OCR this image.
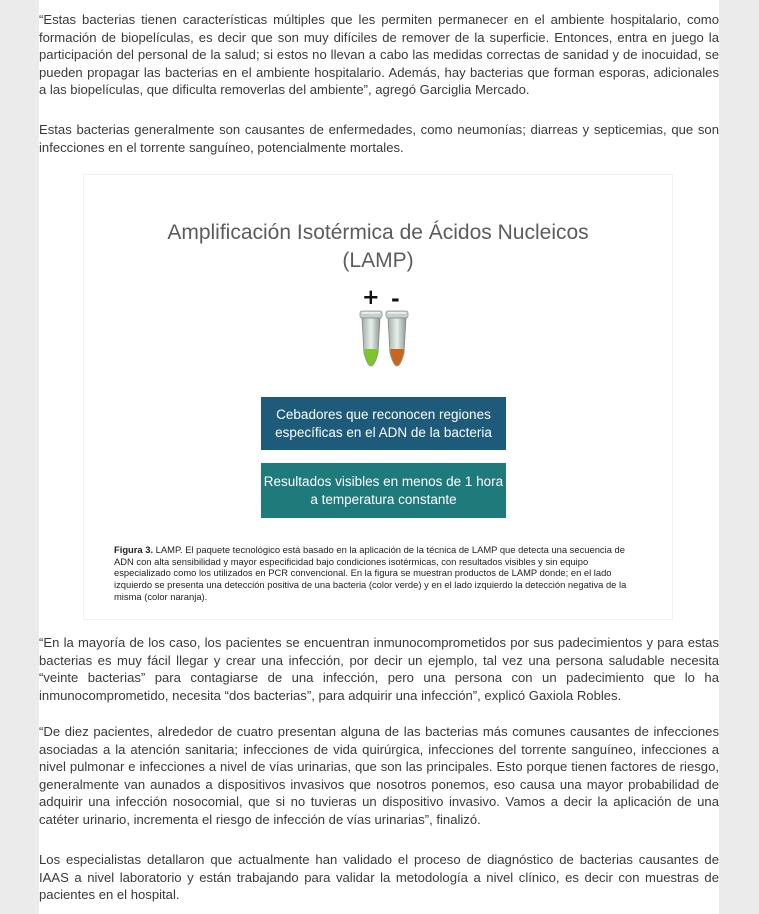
“Estas bacterias tienen características múltiples que les permiten permanecer en el ambiente hospitalario, como formación de biopelículas, es decir que son muy difíciles de remover de la superficie. Entonces, entra en juego la participación del personal de la salud; si estos no llevan a cabo las medidas correctas de sanidad y de inocuidad, se pueden propagar las bacterias en el ambiente hospitalario. Además, hay bacterias que forman esporas, adicionales a las biopelículas, que dificulta removerlas del ambiente”, agregó Garciglia Mercado.

Estas bacterias generalmente son causantes de enfermedades, como neumonías; diarreas y septicemias, que son infecciones en el torrente sanguíneo, potencialmente mortales.

Amplificación Isotérmica de Ácidos Nucleicos
(LAMP)
+ -
Cebadores que reconocen regiones específicas en el ADN de la bacteria
Resultados visibles en menos de 1 hora a temperatura constante

Figura 3. LAMP. El paquete tecnológico está basado en la aplicación de la técnica de LAMP que detecta una secuencia de ADN con alta sensibilidad y mayor especificidad bajo condiciones isotérmicas, con resultados visibles y sin equipo especializado como los utilizados en PCR convencional. En la figura se muestran productos de LAMP donde; en el lado izquierdo se presenta una detección positiva de una bacteria (color verde) y en el lado izquierdo la detección negativa de la misma (color naranja).

“En la mayoría de los caso, los pacientes se encuentran inmunocomprometidos por sus padecimientos y para estas bacterias es muy fácil llegar y crear una infección, por decir un ejemplo, tal vez una persona saludable necesita “veinte bacterias” para contagiarse de una infección, pero una persona con un padecimiento que lo ha inmunocomprometido, necesita “dos bacterias”, para adquirir una infección”, explicó Gaxiola Robles.

“De diez pacientes, alrededor de cuatro presentan alguna de las bacterias más comunes causantes de infecciones asociadas a la atención sanitaria; infecciones de vida quirúrgica, infecciones del torrente sanguíneo, infecciones a nivel pulmonar e infecciones a nivel de vías urinarias, que son las principales. Esto porque tienen factores de riesgo, generalmente van aunados a dispositivos invasivos que nosotros ponemos, eso causa una mayor probabilidad de adquirir una infección nosocomial, que si no tuvieras un dispositivo invasivo. Vamos a decir la aplicación de una catéter urinario, incrementa el riesgo de infección de vías urinarias”, finalizó.

Los especialistas detallaron que actualmente han validado el proceso de diagnóstico de bacterias causantes de IAAS a nivel laboratorio y están trabajando para validar la metodología a nivel clínico, es decir con muestras de pacientes en el hospital.
